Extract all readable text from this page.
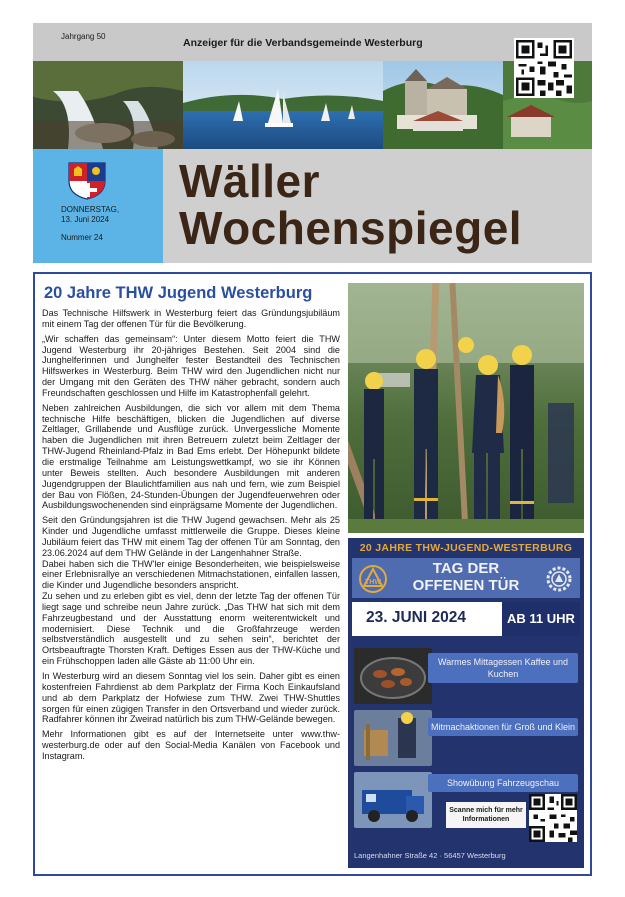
Jahrgang 50
Anzeiger für die Verbandsgemeinde Westerburg
DONNERSTAG,
13. Juni 2024
Nummer 24
Wäller
Wochenspiegel
20 Jahre THW Jugend Westerburg

Das Technische Hilfswerk in Westerburg feiert das Gründungsjubiläum mit einem Tag der offenen Tür für die Bevölkerung.

„Wir schaffen das gemeinsam“: Unter diesem Motto feiert die THW Jugend Westerburg ihr 20-jähriges Bestehen. Seit 2004 sind die Junghelferinnen und Junghelfer fester Bestandteil des Technischen Hilfswerkes in Westerburg. Beim THW wird den Jugendlichen nicht nur der Umgang mit den Geräten des THW näher gebracht, sondern auch Freundschaften geschlossen und Hilfe im Katastrophenfall gelehrt.

Neben zahlreichen Ausbildungen, die sich vor allem mit dem Thema technische Hilfe beschäftigen, blicken die Jugendlichen auf diverse Zeltlager, Grillabende und Ausflüge zurück. Unvergessliche Momente haben die Jugendlichen mit ihren Betreuern zuletzt beim Zeltlager der THW-Jugend Rheinland-Pfalz in Bad Ems erlebt. Der Höhepunkt bildete die erstmalige Teilnahme am Leistungswettkampf, wo sie ihr Können unter Beweis stellten. Auch besondere Ausbildungen mit anderen Jugendgruppen der Blaulichtfamilien aus nah und fern, wie zum Beispiel der Bau von Flößen, 24-Stunden-Übungen der Jugendfeuerwehren oder Ausbildungswochenenden sind einprägsame Momente der Jugendlichen.

Seit den Gründungsjahren ist die THW Jugend gewachsen. Mehr als 25 Kinder und Jugendliche umfasst mittlerweile die Gruppe. Dieses kleine Jubiläum feiert das THW mit einem Tag der offenen Tür am Sonntag, den 23.06.2024 auf dem THW Gelände in der Langenhahner Straße.

Dabei haben sich die THW'ler einige Besonderheiten, wie beispielsweise einer Erlebnisrallye an verschiedenen Mitmachstationen, einfallen lassen, die Kinder und Jugendliche besonders anspricht.

Zu sehen und zu erleben gibt es viel, denn der letzte Tag der offenen Tür liegt sage und schreibe neun Jahre zurück. „Das THW hat sich mit dem Fahrzeugbestand und der Ausstattung enorm weiterentwickelt und modernisiert. Diese Technik und die Großfahrzeuge werden selbstverständlich ausgestellt und zu sehen sein“, berichtet der Ortsbeauftragte Thorsten Kraft. Deftiges Essen aus der THW-Küche und ein Frühschoppen laden alle Gäste ab 11:00 Uhr ein.

In Westerburg wird an diesem Sonntag viel los sein. Daher gibt es einen kostenfreien Fahrdienst ab dem Parkplatz der Firma Koch Einkaufsland und ab dem Parkplatz der Hofwiese zum THW. Zwei THW-Shuttles sorgen für einen zügigen Transfer in den Ortsverband und wieder zurück. Radfahrer können ihr Zweirad natürlich bis zum THW-Gelände bewegen.

Mehr Informationen gibt es auf der Internetseite unter www.thw-westerburg.de oder auf den Social-Media Kanälen von Facebook und Instagram.

20 JAHRE THW-JUGEND-WESTERBURG
THW
TAG DER OFFENEN TÜR
23. JUNI 2024	AB 11 UHR
Warmes Mittagessen Kaffee und Kuchen
Mitmachaktionen für Groß und Klein
Showübung Fahrzeugschau
Scanne mich für mehr Informationen
Langenhahner Straße 42 · 56457 Westerburg
